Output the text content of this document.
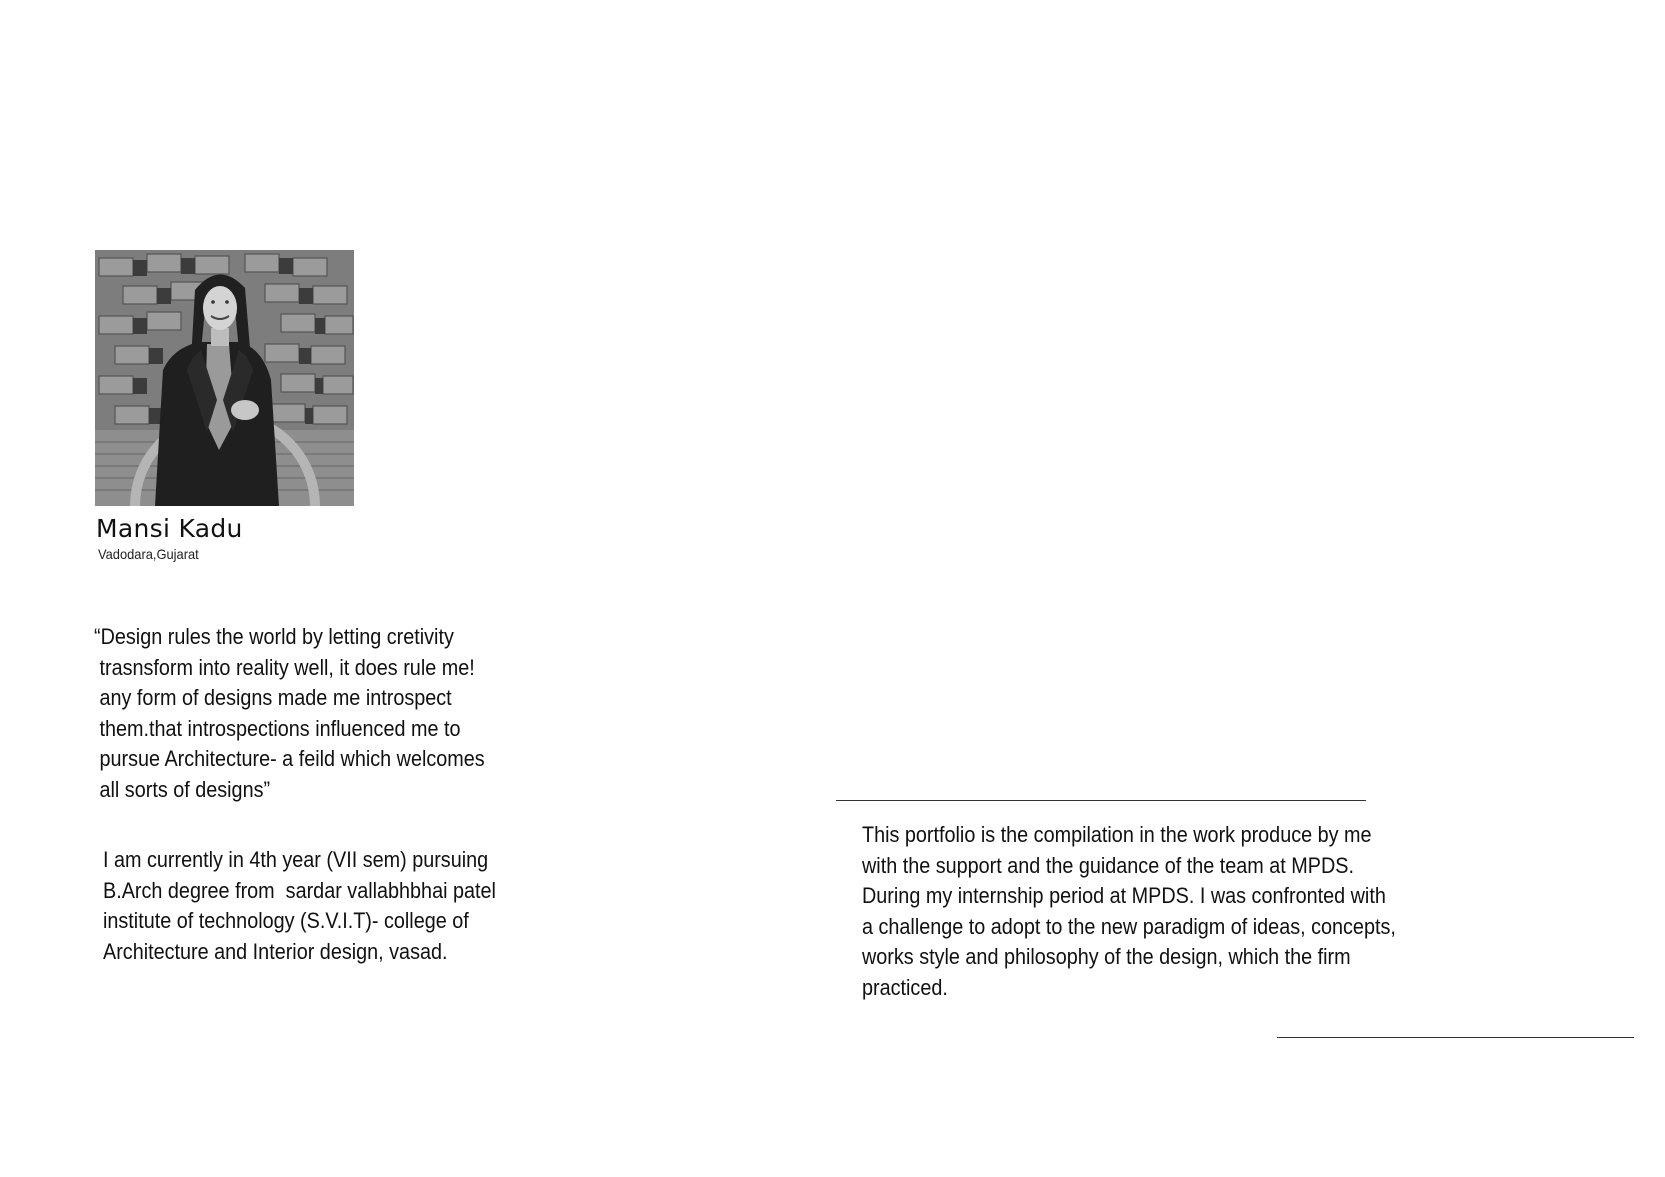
Mansi Kadu
Vadodara,Gujarat
“Design rules the world by letting cretivity
trasnsform into reality well, it does rule me!
any form of designs made me introspect
them.that introspections influenced me to
pursue Architecture- a feild which welcomes
all sorts of designs”
I am currently in 4th year (VII sem) pursuing
B.Arch degree from  sardar vallabhbhai patel
institute of technology (S.V.I.T)- college of
Architecture and Interior design, vasad.
This portfolio is the compilation in the work produce by me
with the support and the guidance of the team at MPDS.
During my internship period at MPDS. I was confronted with
a challenge to adopt to the new paradigm of ideas, concepts,
works style and philosophy of the design, which the firm
practiced.
